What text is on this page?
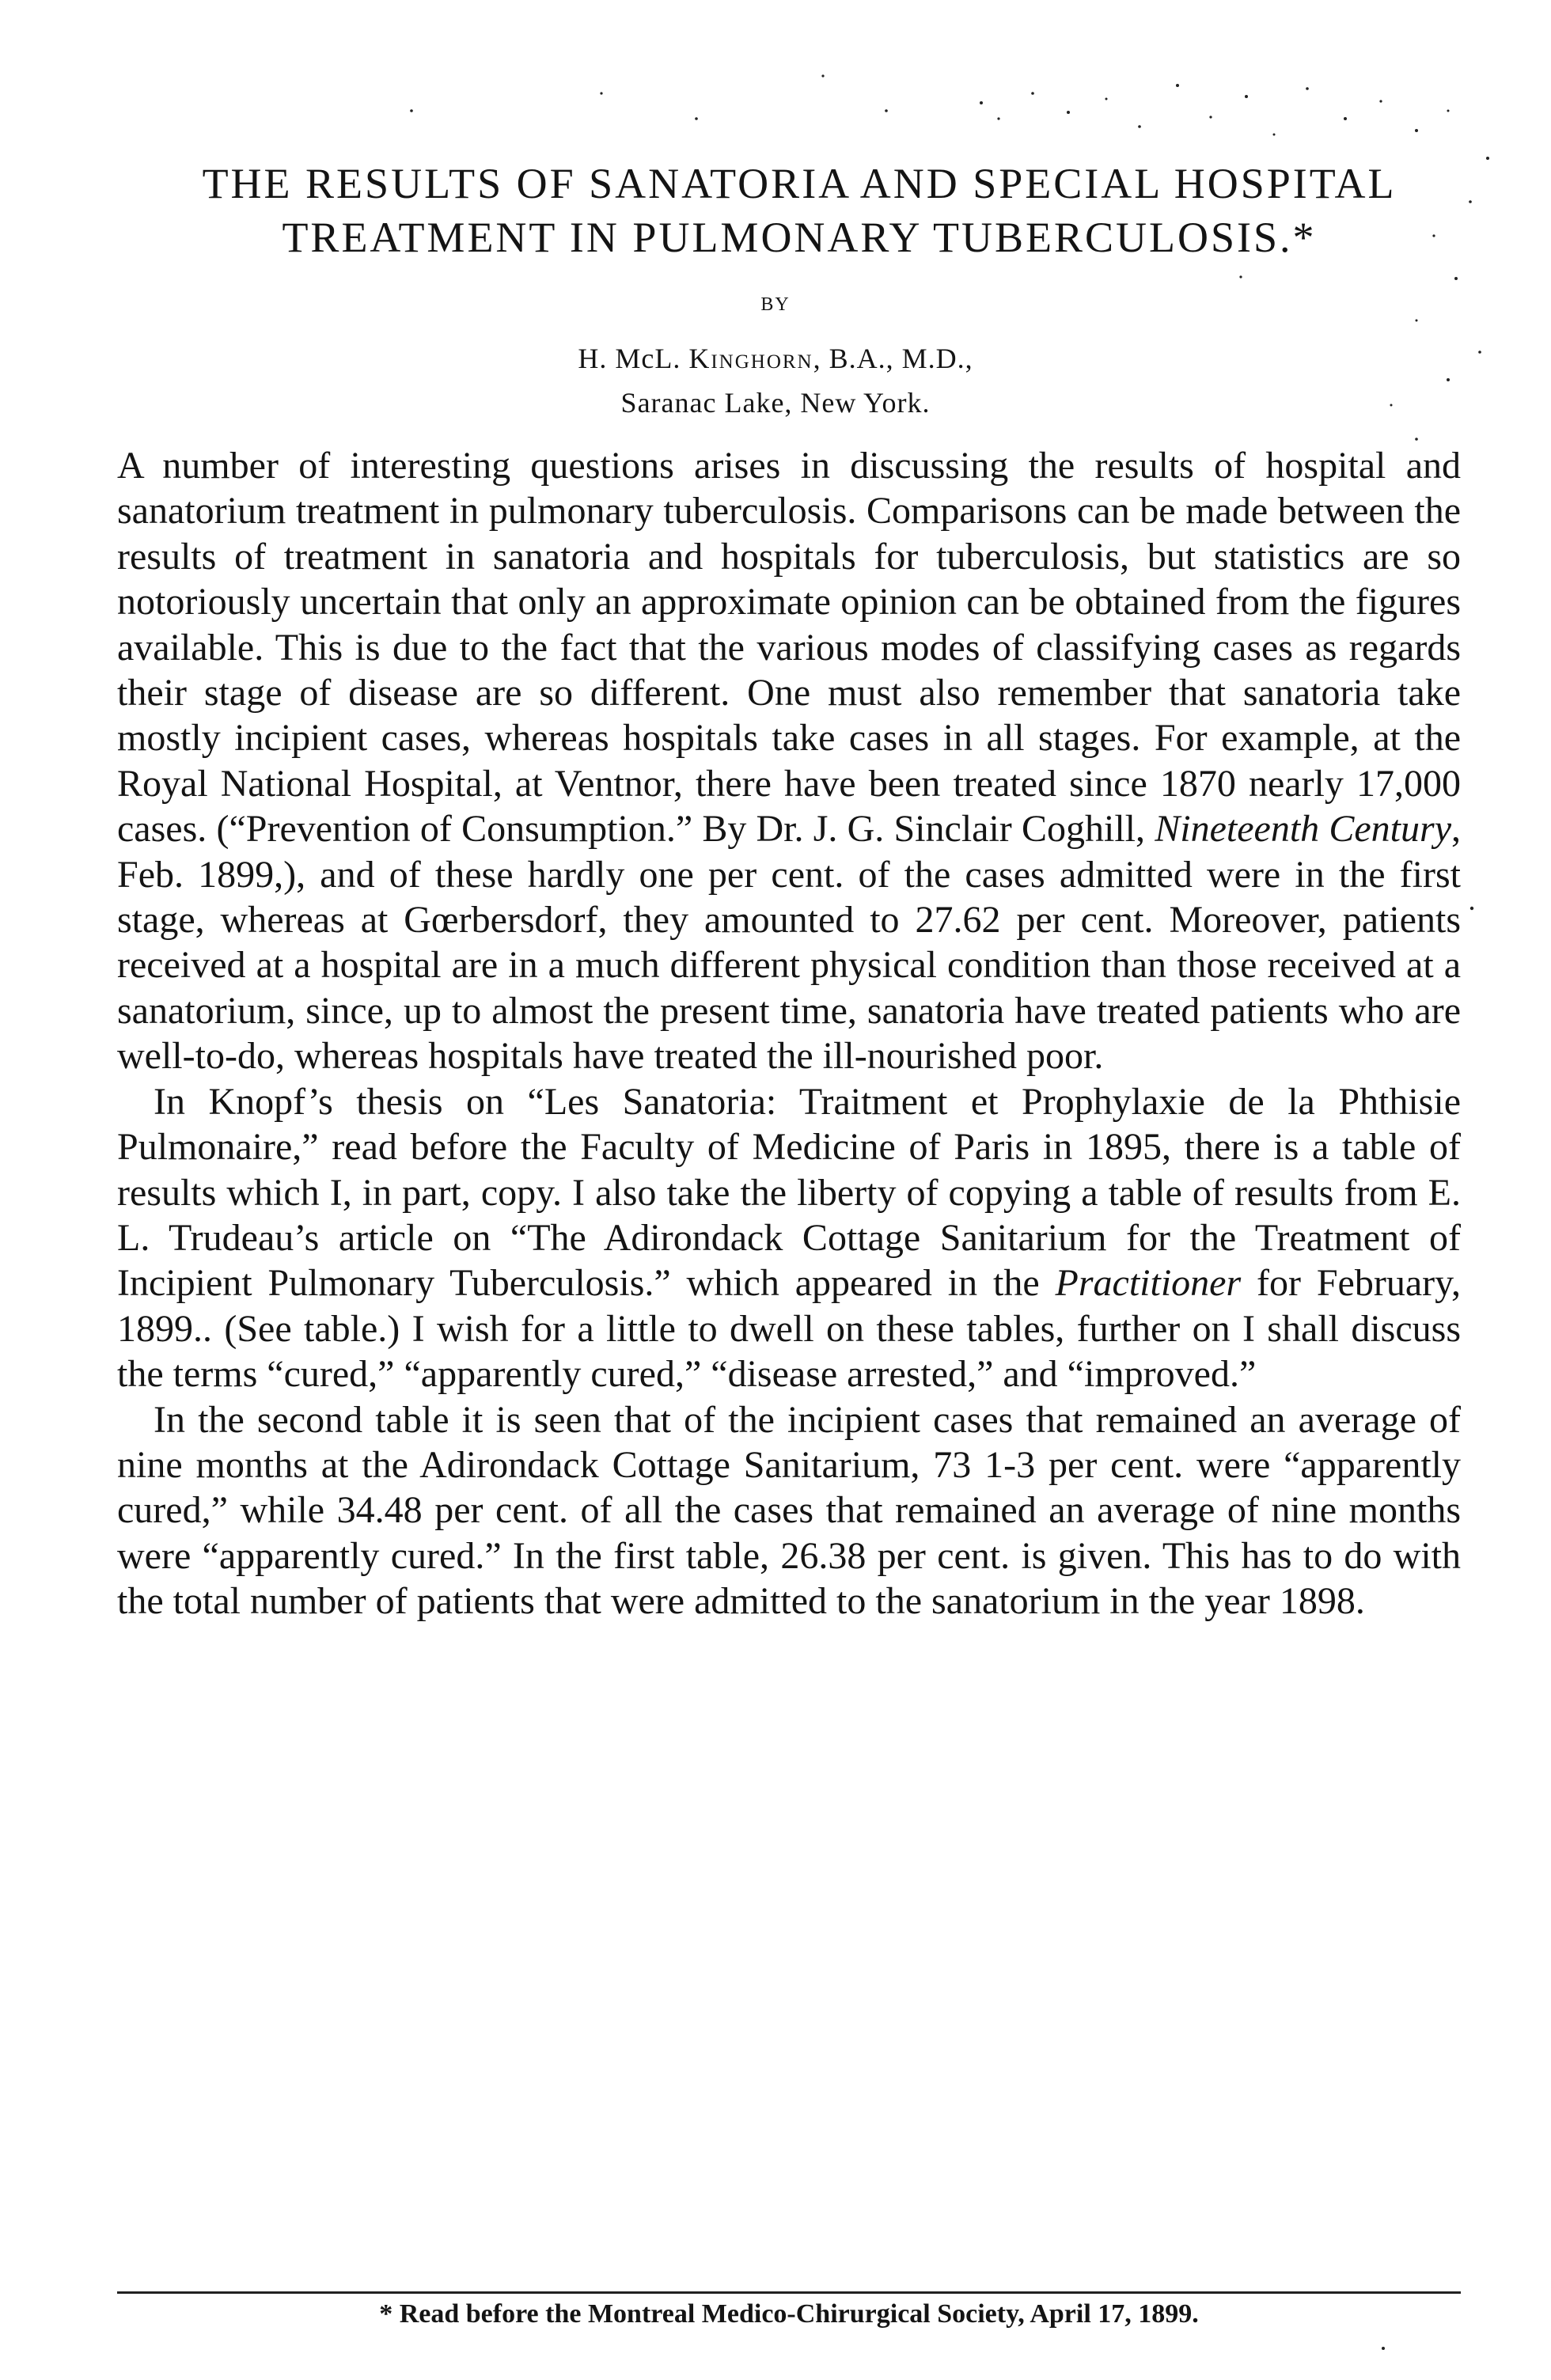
THE RESULTS OF SANATORIA AND SPECIAL HOSPITAL
TREATMENT IN PULMONARY TUBERCULOSIS.*

BY

H. McL. Kinghorn, B.A., M.D.,

Saranac Lake, New York.

A number of interesting questions arises in discussing the results of hospital and sanatorium treatment in pulmonary tuberculosis. Comparisons can be made between the results of treatment in sanatoria and hospitals for tuberculosis, but statistics are so notoriously uncertain that only an approximate opinion can be obtained from the figures available. This is due to the fact that the various modes of classifying cases as regards their stage of disease are so different. One must also remember that sanatoria take mostly incipient cases, whereas hospitals take cases in all stages. For example, at the Royal National Hospital, at Ventnor, there have been treated since 1870 nearly 17,000 cases. (“Prevention of Consumption.” By Dr. J. G. Sinclair Coghill, Nineteenth Century, Feb. 1899,), and of these hardly one per cent. of the cases admitted were in the first stage, whereas at Gœrbersdorf, they amounted to 27.62 per cent. Moreover, patients received at a hospital are in a much different physical condition than those received at a sanatorium, since, up to almost the present time, sanatoria have treated patients who are well-to-do, whereas hospitals have treated the ill-nourished poor.

In Knopf’s thesis on “Les Sanatoria: Traitment et Prophylaxie de la Phthisie Pulmonaire,” read before the Faculty of Medicine of Paris in 1895, there is a table of results which I, in part, copy. I also take the liberty of copying a table of results from E. L. Trudeau’s article on “The Adirondack Cottage Sanitarium for the Treatment of Incipient Pulmonary Tuberculosis.” which appeared in the Practitioner for February, 1899.. (See table.) I wish for a little to dwell on these tables, further on I shall discuss the terms “cured,” “apparently cured,” “disease arrested,” and “improved.”

In the second table it is seen that of the incipient cases that remained an average of nine months at the Adirondack Cottage Sanitarium, 73 1-3 per cent. were “apparently cured,” while 34.48 per cent. of all the cases that remained an average of nine months were “apparently cured.” In the first table, 26.38 per cent. is given. This has to do with the total number of patients that were admitted to the sanatorium in the year 1898.

* Read before the Montreal Medico-Chirurgical Society, April 17, 1899.
